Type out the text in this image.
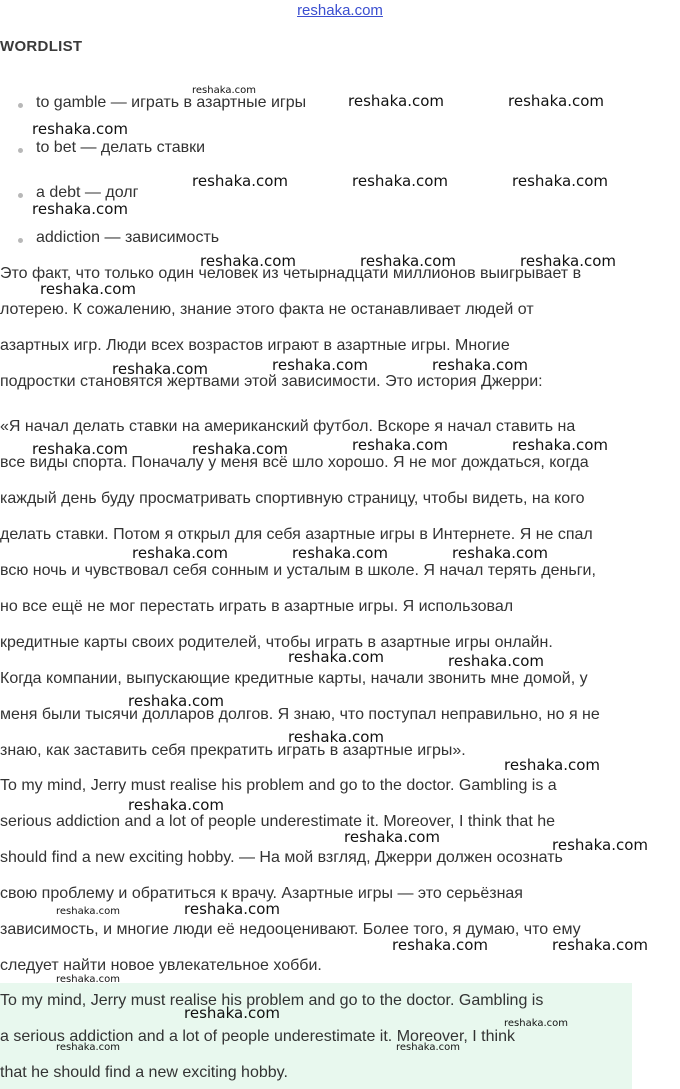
reshaka.com
WORDLIST
to gamble — играть в азартные игры
to bet — делать ставки
a debt — долг
addiction — зависимость
Это факт, что только один человек из четырнадцати миллионов выигрывает в
лотерею. К сожалению, знание этого факта не останавливает людей от
азартных игр. Люди всех возрастов играют в азартные игры. Многие
подростки становятся жертвами этой зависимости. Это история Джерри:
«Я начал делать ставки на американский футбол. Вскоре я начал ставить на
все виды спорта. Поначалу у меня всё шло хорошо. Я не мог дождаться, когда
каждый день буду просматривать спортивную страницу, чтобы видеть, на кого
делать ставки. Потом я открыл для себя азартные игры в Интернете. Я не спал
всю ночь и чувствовал себя сонным и усталым в школе. Я начал терять деньги,
но все ещё не мог перестать играть в азартные игры. Я использовал
кредитные карты своих родителей, чтобы играть в азартные игры онлайн.
Когда компании, выпускающие кредитные карты, начали звонить мне домой, у
меня были тысячи долларов долгов. Я знаю, что поступал неправильно, но я не
знаю, как заставить себя прекратить играть в азартные игры».
To my mind, Jerry must realise his problem and go to the doctor. Gambling is a
serious addiction and a lot of people underestimate it. Moreover, I think that he
should find a new exciting hobby. — На мой взгляд, Джерри должен осознать
свою проблему и обратиться к врачу. Азартные игры — это серьёзная
зависимость, и многие люди её недооценивают. Более того, я думаю, что ему
следует найти новое увлекательное хобби.
To my mind, Jerry must realise his problem and go to the doctor. Gambling is
a serious addiction and a lot of people underestimate it. Moreover, I think
that he should find a new exciting hobby.
reshaka.com
reshaka.com	reshaka.com
reshaka.com
reshaka.com	reshaka.com	reshaka.com
reshaka.com
reshaka.com	reshaka.com	reshaka.com
reshaka.com
reshaka.com	reshaka.com
reshaka.com
reshaka.com	reshaka.com
reshaka.com	reshaka.com
reshaka.com	reshaka.com	reshaka.com
reshaka.com	reshaka.com
reshaka.com
reshaka.com
reshaka.com
reshaka.com
reshaka.com	reshaka.com
reshaka.com	reshaka.com
reshaka.com	reshaka.com
reshaka.com
reshaka.com
reshaka.com
reshaka.com	reshaka.com
